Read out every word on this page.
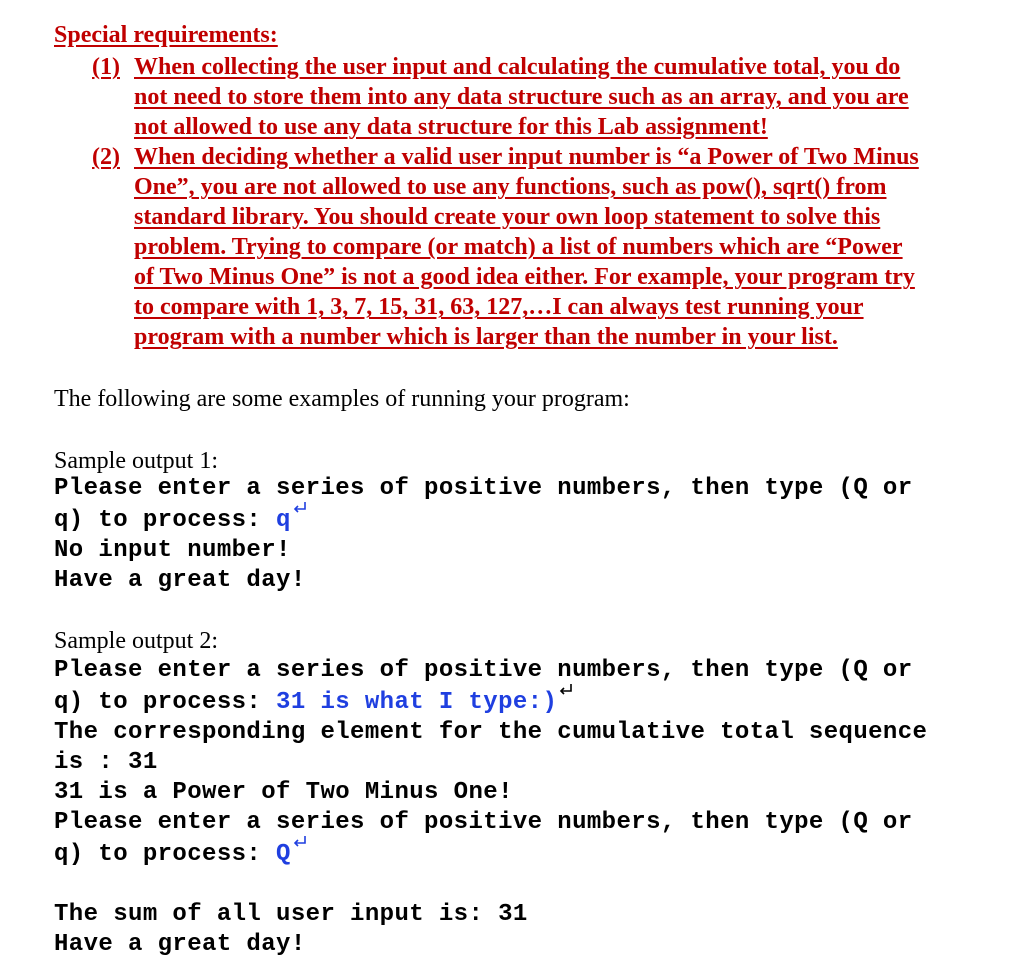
Special requirements:
(1) When collecting the user input and calculating the cumulative total, you do
not need to store them into any data structure such as an array, and you are
not allowed to use any data structure for this Lab assignment!
(2) When deciding whether a valid user input number is “a Power of Two Minus
One”, you are not allowed to use any functions, such as pow(), sqrt() from
standard library. You should create your own loop statement to solve this
problem. Trying to compare (or match) a list of numbers which are “Power
of Two Minus One” is not a good idea either. For example, your program try
to compare with 1, 3, 7, 15, 31, 63, 127,…I can always test running your
program with a number which is larger than the number in your list.
The following are some examples of running your program:
Sample output 1:
Please enter a series of positive numbers, then type (Q or
q) to process: q
No input number!
Have a great day!
Sample output 2:
Please enter a series of positive numbers, then type (Q or
q) to process: 31 is what I type:)
The corresponding element for the cumulative total sequence
is : 31
31 is a Power of Two Minus One!
Please enter a series of positive numbers, then type (Q or
q) to process: Q
The sum of all user input is: 31
Have a great day!
